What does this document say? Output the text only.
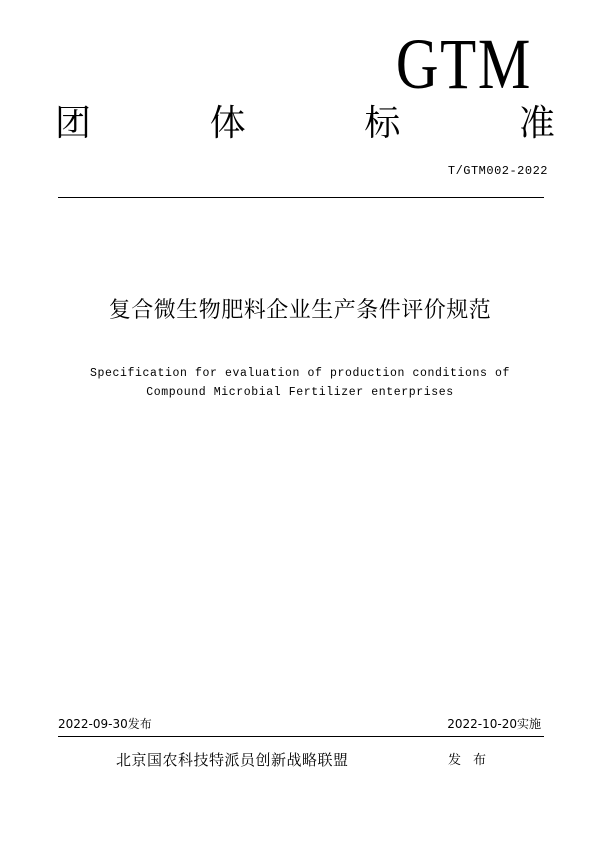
GTM
团	体	标	准
T/GTM002-2022
复合微生物肥料企业生产条件评价规范
Specification for evaluation of production conditions of
Compound Microbial Fertilizer enterprises
2022-09-30发布	2022-10-20实施
北京国农科技特派员创新战略联盟	发布
